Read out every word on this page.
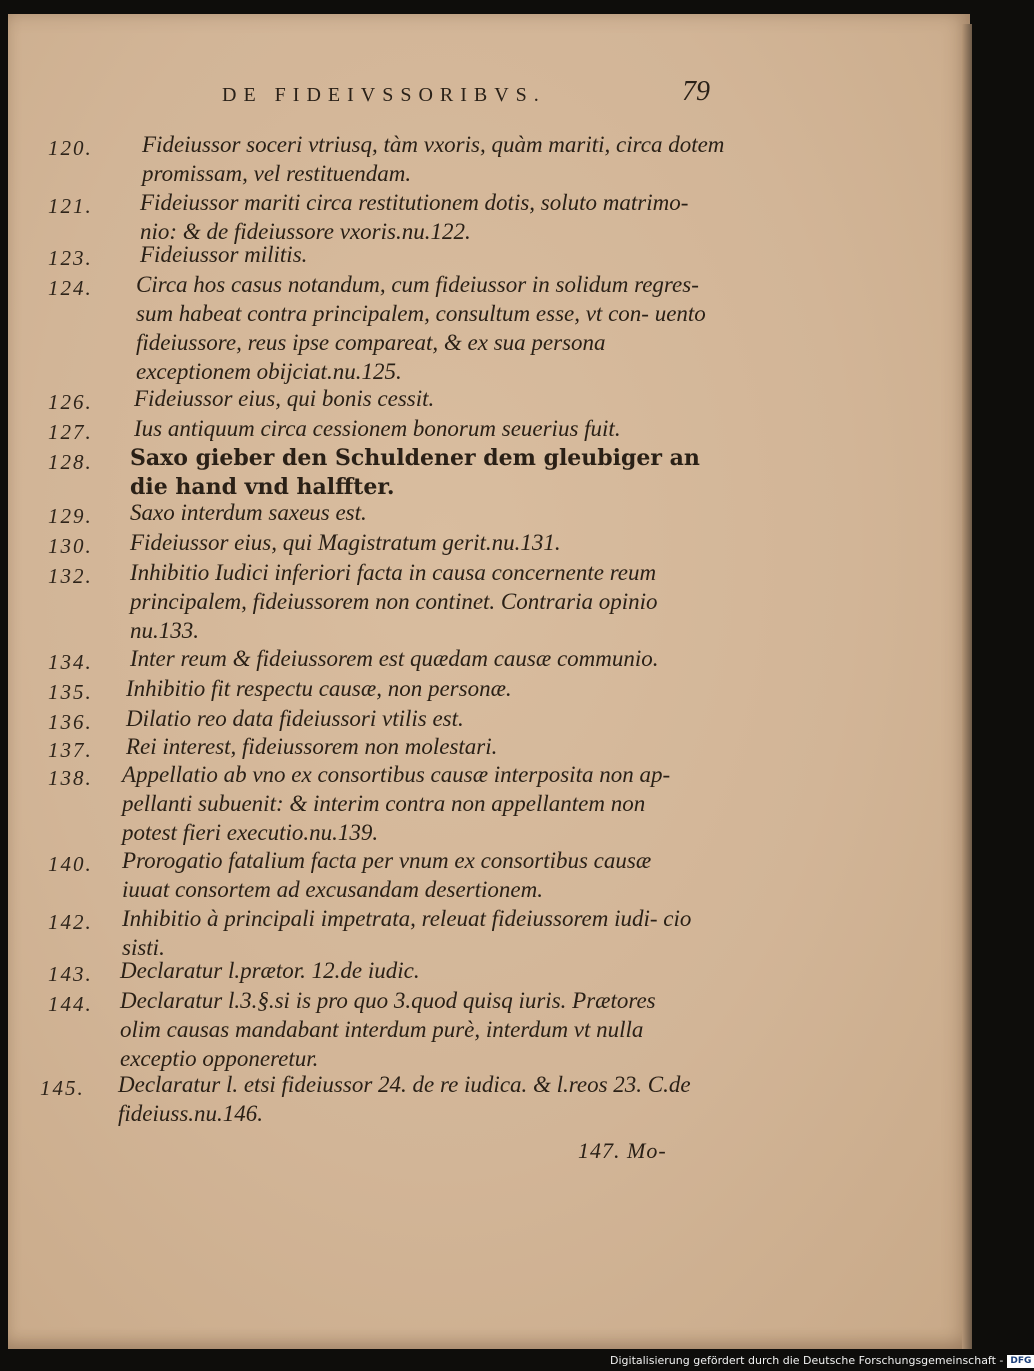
DE FIDEIVSSORIBVS.	79
120.	Fideiussor soceri vtriusq, tàm vxoris, quàm mariti, circa dotem promissam, vel restituendam.
121.	Fideiussor mariti circa restitutionem dotis, soluto matrimo- nio: & de fideiussore vxoris.nu.122.
123.	Fideiussor militis.
124.	Circa hos casus notandum, cum fideiussor in solidum regres- sum habeat contra principalem, consultum esse, vt con- uento fideiussore, reus ipse compareat, & ex sua persona exceptionem obijciat.nu.125.
126.	Fideiussor eius, qui bonis cessit.
127.	Ius antiquum circa cessionem bonorum seuerius fuit.
128.	Saxo gieber den Schuldener dem gleubiger an die hand vnd halffter.
129.	Saxo interdum saxeus est.
130.	Fideiussor eius, qui Magistratum gerit.nu.131.
132.	Inhibitio Iudici inferiori facta in causa concernente reum principalem, fideiussorem non continet. Contraria opinio nu.133.
134.	Inter reum & fideiussorem est quædam causæ communio.
135.	Inhibitio fit respectu causæ, non personæ.
136.	Dilatio reo data fideiussori vtilis est.
137.	Rei interest, fideiussorem non molestari.
138.	Appellatio ab vno ex consortibus causæ interposita non ap- pellanti subuenit: & interim contra non appellantem non potest fieri executio.nu.139.
140.	Prorogatio fatalium facta per vnum ex consortibus causæ iuuat consortem ad excusandam desertionem.
142.	Inhibitio à principali impetrata, releuat fideiussorem iudi- cio sisti.
143.	Declaratur l.prætor. 12.de iudic.
144.	Declaratur l.3.§.si is pro quo 3.quod quisq iuris. Prætores olim causas mandabant interdum purè, interdum vt nulla exceptio opponeretur.
145.	Declaratur l. etsi fideiussor 24. de re iudica. & l.reos 23. C.de fideiuss.nu.146.
147. Mo-
Digitalisierung gefördert durch die Deutsche Forschungsgemeinschaft - DFG
